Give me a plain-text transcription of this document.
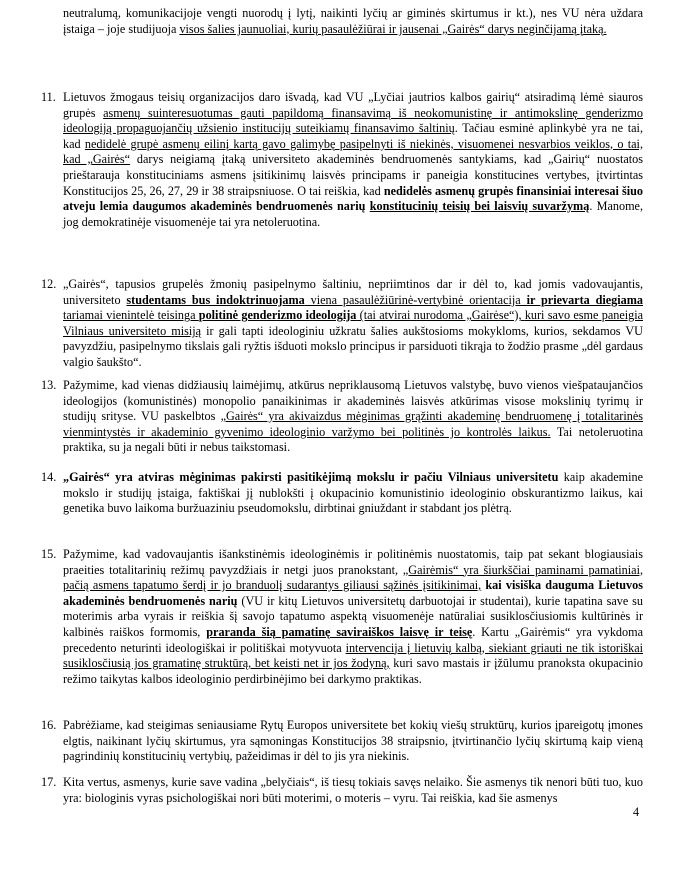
neutralumą, komunikacijoje vengti nuorodų į lytį, naikinti lyčių ar giminės skirtumus ir kt.), nes VU nėra uždara įstaiga – joje studijuoja visos šalies jaunuoliai, kurių pasaulėžiūrai ir jausenai „Gairės“ darys neginčijamą įtaką.

11. Lietuvos žmogaus teisių organizacijos daro išvadą, kad VU „Lyčiai jautrios kalbos gairių“ atsiradimą lėmė siauros grupės asmenų suinteresuotumas gauti papildomą finansavimą iš neokomunistinę ir antimokslinę genderizmo ideologiją propaguojančių užsienio institucijų suteikiamų finansavimo šaltinių. Tačiau esminė aplinkybė yra ne tai, kad nedidelė grupė asmenų eilinį kartą gavo galimybę pasipelnyti iš niekinės, visuomenei nesvarbios veiklos, o tai, kad „Gairės“ darys neigiamą įtaką universiteto akademinės bendruomenės santykiams, kad „Gairių“ nuostatos prieštarauja konstituciniams asmens įsitikinimų laisvės principams ir paneigia konstitucines vertybes, įtvirtintas Konstitucijos 25, 26, 27, 29 ir 38 straipsniuose. O tai reiškia, kad nedidelės asmenų grupės finansiniai interesai šiuo atveju lemia daugumos akademinės bendruomenės narių konstitucinių teisių bei laisvių suvaržymą. Manome, jog demokratinėje visuomenėje tai yra netoleruotina.
12. „Gairės“, tapusios grupelės žmonių pasipelnymo šaltiniu, nepriimtinos dar ir dėl to, kad jomis vadovaujantis, universiteto studentams bus indoktrinuojama viena pasaulėžiūrinė-vertybinė orientacija ir prievarta diegiama tariamai vienintelė teisinga politinė genderizmo ideologija (tai atvirai nurodoma „Gairėse“), kuri savo esme paneigia Vilniaus universiteto misiją ir gali tapti ideologiniu užkratu šalies aukštosioms mokykloms, kurios, sekdamos VU pavyzdžiu, pasipelnymo tikslais gali ryžtis išduoti mokslo principus ir parsiduoti tikrąja to žodžio prasme „dėl gardaus valgio šaukšto“.
13. Pažymime, kad vienas didžiausių laimėjimų, atkūrus nepriklausomą Lietuvos valstybę, buvo vienos viešpataujančios ideologijos (komunistinės) monopolio panaikinimas ir akademinės laisvės atkūrimas visose mokslinių tyrimų ir studijų srityse. VU paskelbtos „Gairės“ yra akivaizdus mėginimas grąžinti akademinę bendruomenę į totalitarinės vienmintystės ir akademinio gyvenimo ideologinio varžymo bei politinės jo kontrolės laikus. Tai netoleruotina praktika, su ja negali būti ir nebus taikstomasi.
14. „Gairės“ yra atviras mėginimas pakirsti pasitikėjimą mokslu ir pačiu Vilniaus universitetu kaip akademine mokslo ir studijų įstaiga, faktiškai jį nublokšti į okupacinio komunistinio ideologinio obskurantizmo laikus, kai genetika buvo laikoma buržuaziniu pseudomokslu, dirbtinai gniuždant ir stabdant jos plėtrą.
15. Pažymime, kad vadovaujantis išankstinėmis ideologinėmis ir politinėmis nuostatomis, taip pat sekant blogiausiais praeities totalitarinių režimų pavyzdžiais ir netgi juos pranokstant, „Gairėmis“ yra šiurkščiai paminami pamatiniai, pačią asmens tapatumo šerdį ir jo branduolį sudarantys giliausi sąžinės įsitikinimai, kai visiška dauguma Lietuvos akademinės bendruomenės narių (VU ir kitų Lietuvos universitetų darbuotojai ir studentai), kurie tapatina save su moterimis arba vyrais ir reiškia šį savojo tapatumo aspektą visuomenėje natūraliai susiklosčiusiomis kultūrinės ir kalbinės raiškos formomis, praranda šią pamatinę saviraiškos laisvę ir teisę. Kartu „Gairėmis“ yra vykdoma precedento neturinti ideologiškai ir politiškai motyvuota intervencija į lietuvių kalbą, siekiant griauti ne tik istoriškai susiklosčiusią jos gramatinę struktūrą, bet keisti net ir jos žodyną, kuri savo mastais ir įžūlumu pranoksta okupacinio režimo taikytas kalbos ideologinio perdirbinėjimo bei darkymo praktikas.
16. Pabrėžiame, kad steigimas seniausiame Rytų Europos universitete bet kokių viešų struktūrų, kurios įpareigotų įmones elgtis, naikinant lyčių skirtumus, yra sąmoningas Konstitucijos 38 straipsnio, įtvirtinančio lyčių skirtumą kaip vieną pagrindinių konstitucinių vertybių, pažeidimas ir dėl to jis yra niekinis.
17. Kita vertus, asmenys, kurie save vadina „belyčiais“, iš tiesų tokiais savęs nelaiko. Šie asmenys tik nenori būti tuo, kuo yra: biologinis vyras psichologiškai nori būti moterimi, o moteris – vyru. Tai reiškia, kad šie asmenys
4
